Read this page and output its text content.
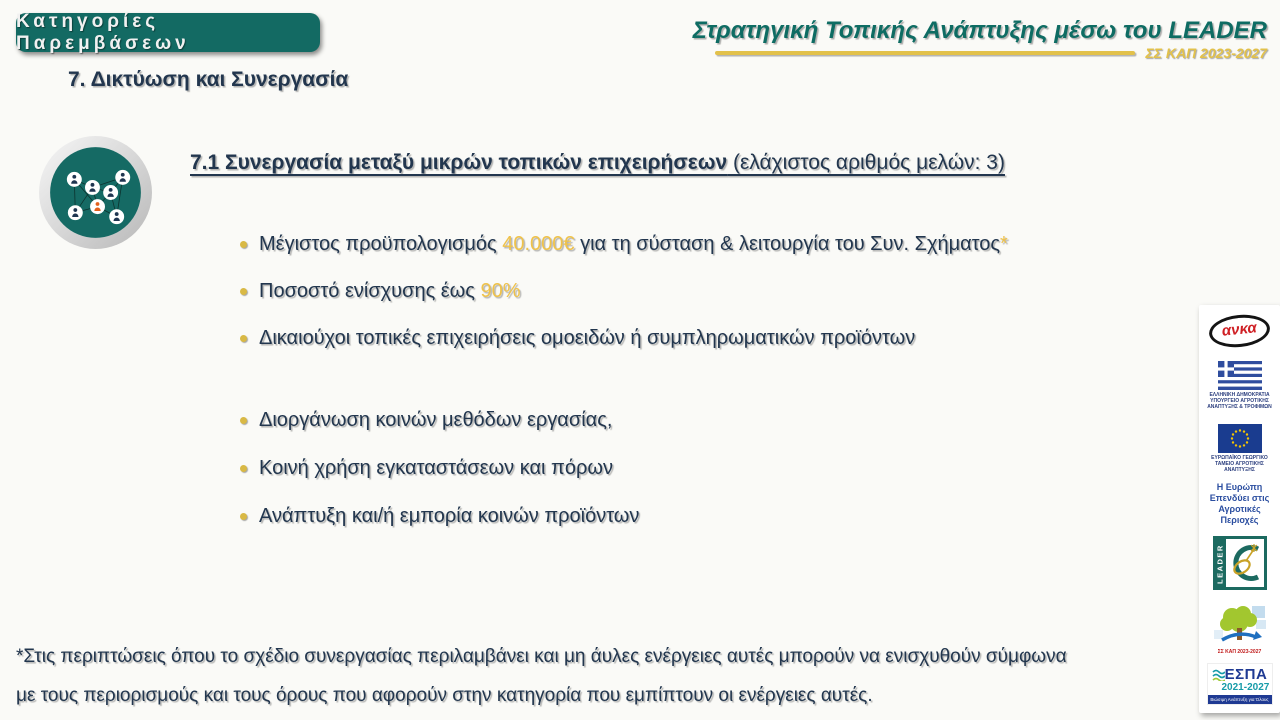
Κατηγορίες Παρεμβάσεων	Στρατηγική Τοπικής Ανάπτυξης μέσω του LEADER
ΣΣ ΚΑΠ 2023-2027
7. Δικτύωση και Συνεργασία
7.1 Συνεργασία μεταξύ μικρών τοπικών επιχειρήσεων (ελάχιστος αριθμός μελών: 3)
Μέγιστος προϋπολογισμός 40.000€ για τη σύσταση & λειτουργία του Συν. Σχήματος*
Ποσοστό ενίσχυσης έως 90%
Δικαιούχοι τοπικές επιχειρήσεις ομοειδών ή συμπληρωματικών προϊόντων
Διοργάνωση κοινών μεθόδων εργασίας,
Κοινή χρήση εγκαταστάσεων και πόρων
Ανάπτυξη και/ή εμπορία κοινών προϊόντων
*Στις περιπτώσεις όπου το σχέδιο συνεργασίας περιλαμβάνει και μη άυλες ενέργειες αυτές μπορούν να ενισχυθούν σύμφωνα
με τους περιορισμούς και τους όρους που αφορούν στην κατηγορία που εμπίπτουν οι ενέργειες αυτές.
ανκα
ΕΛΛΗΝΙΚΗ ΔΗΜΟΚΡΑΤΙΑ ΥΠΟΥΡΓΕΙΟ ΑΓΡΟΤΙΚΗΣ ΑΝΑΠΤΥΞΗΣ & ΤΡΟΦΙΜΩΝ
ΕΥΡΩΠΑΪΚΟ ΓΕΩΡΓΙΚΟ ΤΑΜΕΙΟ ΑΓΡΟΤΙΚΗΣ ΑΝΑΠΤΥΞΗΣ
Η Ευρώπη Επενδύει στις Αγροτικές Περιοχές
LEADER
ΣΣ ΚΑΠ 2023-2027
ΕΣΠΑ
2021-2027
Βιώσιμη Ανάπτυξη για Όλους
